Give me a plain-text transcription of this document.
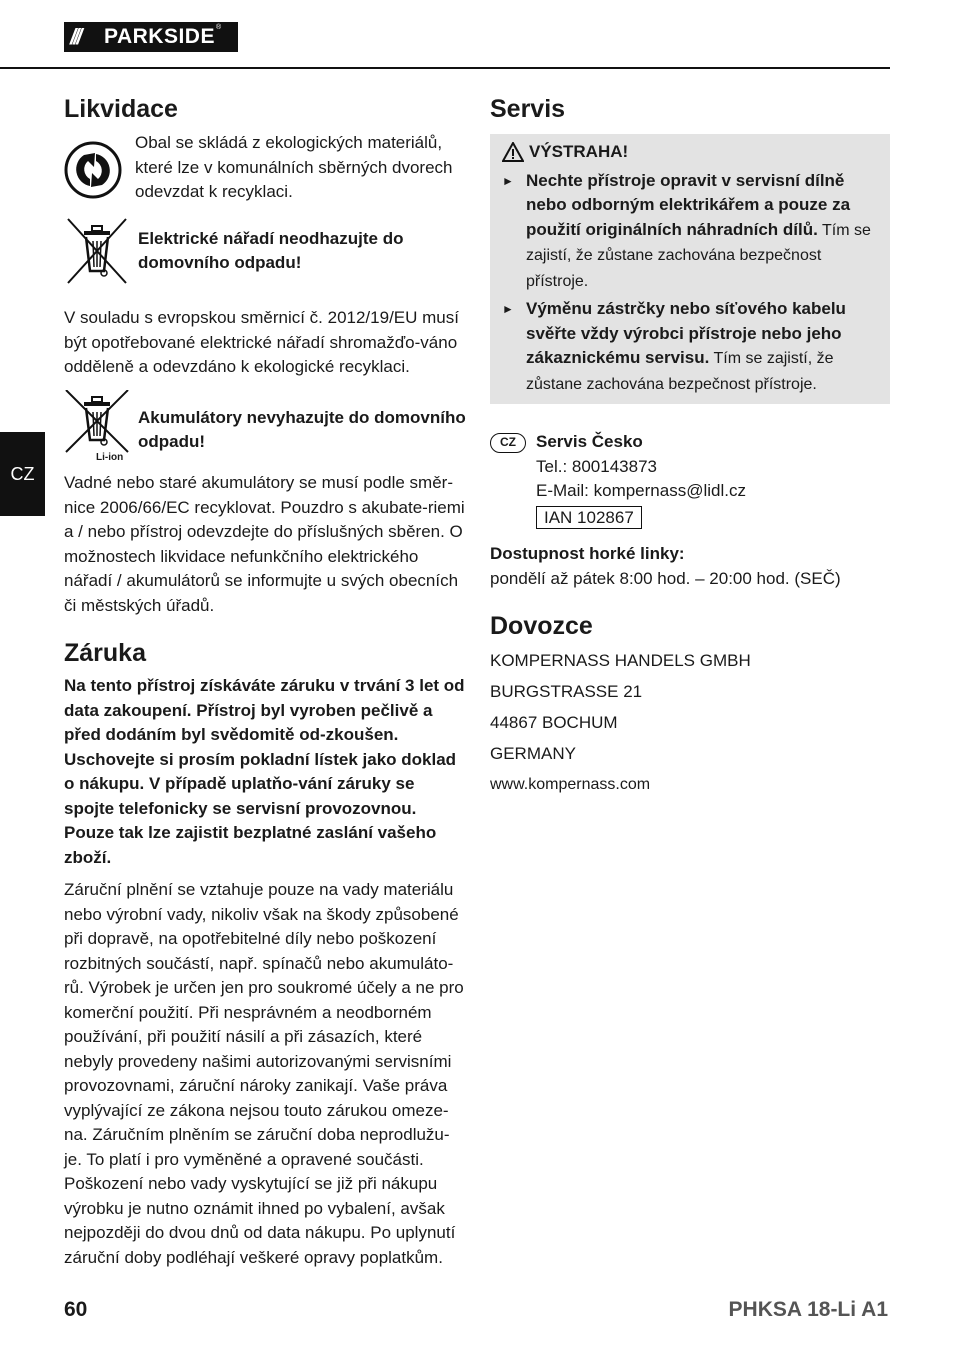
///	PARKSIDE ®
CZ
Likvidace

Obal se skládá z ekologických materiálů, které lze v komunálních sběrných dvorech odevzdat k recyklaci.

Elektrické nářadí neodhazujte do domovního odpadu!

V souladu s evropskou směrnicí č. 2012/19/EU musí být opotřebované elektrické nářadí shromažďo-váno odděleně a odevzdáno k ekologické recyklaci.

Li-ion

Akumulátory nevyhazujte do domovního odpadu!

Vadné nebo staré akumulátory se musí podle směr-nice 2006/66/EC recyklovat. Pouzdro s akubate-riemi a / nebo přístroj odevzdejte do příslušných sběren. O možnostech likvidace nefunkčního elektrického nářadí / akumulátorů se informujte u svých obecních či městských úřadů.

Záruka

Na tento přístroj získáváte záruku v trvání 3 let od data zakoupení. Přístroj byl vyroben pečlivě a před dodáním byl svědomitě od-zkoušen. Uschovejte si prosím pokladní lístek jako doklad o nákupu. V případě uplatňo-vání záruky se spojte telefonicky se servisní provozovnou. Pouze tak lze zajistit bezplatné zaslání vašeho zboží.

Záruční plnění se vztahuje pouze na vady materiálu nebo výrobní vady, nikoliv však na škody způsobené při dopravě, na opotřebitelné díly nebo poškození rozbitných součástí, např. spínačů nebo akumuláto-rů. Výrobek je určen jen pro soukromé účely a ne pro komerční použití. Při nesprávném a neodborném používání, při použití násilí a při zásazích, které nebyly provedeny našimi autorizovanými servisními provozovnami, záruční nároky zanikají. Vaše práva vyplývající ze zákona nejsou touto zárukou omeze-na. Záručním plněním se záruční doba neprodlužu-je. To platí i pro vyměněné a opravené součásti. Poškození nebo vady vyskytující se již při nákupu výrobku je nutno oznámit ihned po vybalení, avšak nejpozději do dvou dnů od data nákupu. Po uplynutí záruční doby podléhají veškeré opravy poplatkům.

Servis
VÝSTRAHA!
► Nechte přístroje opravit v servisní dílně nebo odborným elektrikářem a pouze za použití originálních náhradních dílů. Tím se zajistí, že zůstane zachována bezpečnost přístroje.

► Výměnu zástrčky nebo síťového kabelu svěřte vždy výrobci přístroje nebo jeho zákaznickému servisu. Tím se zajistí, že zůstane zachována bezpečnost přístroje.

CZ	Servis Česko

Tel.: 800143873

E-Mail: kompernass@lidl.cz

IAN 102867

Dostupnost horké linky:

pondělí až pátek 8:00 hod. – 20:00 hod. (SEČ)

Dovozce

KOMPERNASS HANDELS GMBH

BURGSTRASSE 21

44867 BOCHUM

GERMANY

www.kompernass.com

60	PHKSA 18-Li A1
